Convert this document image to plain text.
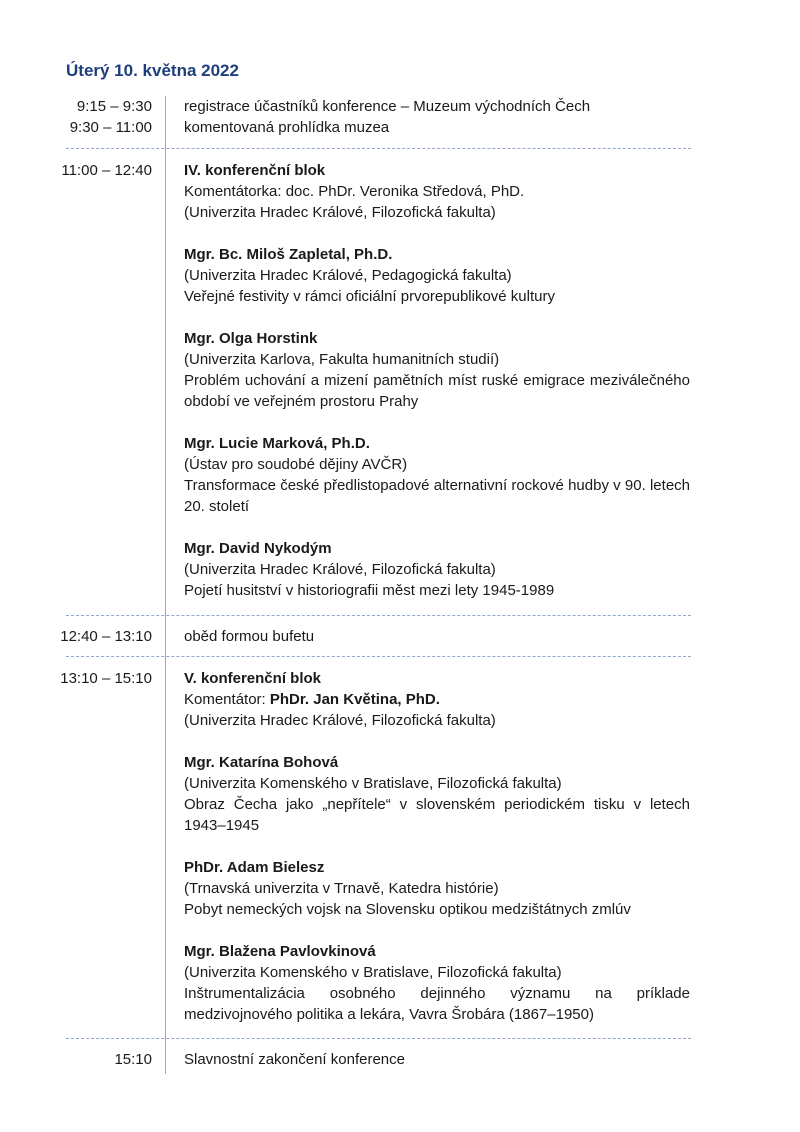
Úterý 10. května 2022
9:15 – 9:30
9:30 – 11:00
registrace účastníků konference – Muzeum východních Čech
komentovaná prohlídka muzea
11:00 – 12:40 IV. konferenční blok
Komentátorka: doc. PhDr. Veronika Středová, PhD.
(Univerzita Hradec Králové, Filozofická fakulta)
Mgr. Bc. Miloš Zapletal, Ph.D.
(Univerzita Hradec Králové, Pedagogická fakulta)
Veřejné festivity v rámci oficiální prvorepublikové kultury
Mgr. Olga Horstink
(Univerzita Karlova, Fakulta humanitních studií)
Problém uchování a mizení pamětních míst ruské emigrace meziválečného období ve veřejném prostoru Prahy
Mgr. Lucie Marková, Ph.D.
(Ústav pro soudobé dějiny AVČR)
Transformace české předlistopadové alternativní rockové hudby v 90. letech 20. století
Mgr. David Nykodým
(Univerzita Hradec Králové, Filozofická fakulta)
Pojetí husitství v historiografii měst mezi lety 1945-1989
12:40 – 13:10 oběd formou bufetu
13:10 – 15:10 V. konferenční blok
Komentátor: PhDr. Jan Květina, PhD.
(Univerzita Hradec Králové, Filozofická fakulta)
Mgr. Katarína Bohová
(Univerzita Komenského v Bratislave, Filozofická fakulta)
Obraz Čecha jako „nepřítele“ v slovenském periodickém tisku v letech 1943–1945
PhDr. Adam Bielesz
(Trnavská univerzita v Trnavě, Katedra histórie)
Pobyt nemeckých vojsk na Slovensku optikou medzištátnych zmlúv
Mgr. Blažena Pavlovkinová
(Univerzita Komenského v Bratislave, Filozofická fakulta)
Inštrumentalizácia osobného dejinného významu na príklade medzivojnového politika a lekára, Vavra Šrobára (1867–1950)
15:10 Slavnostní zakončení konference
